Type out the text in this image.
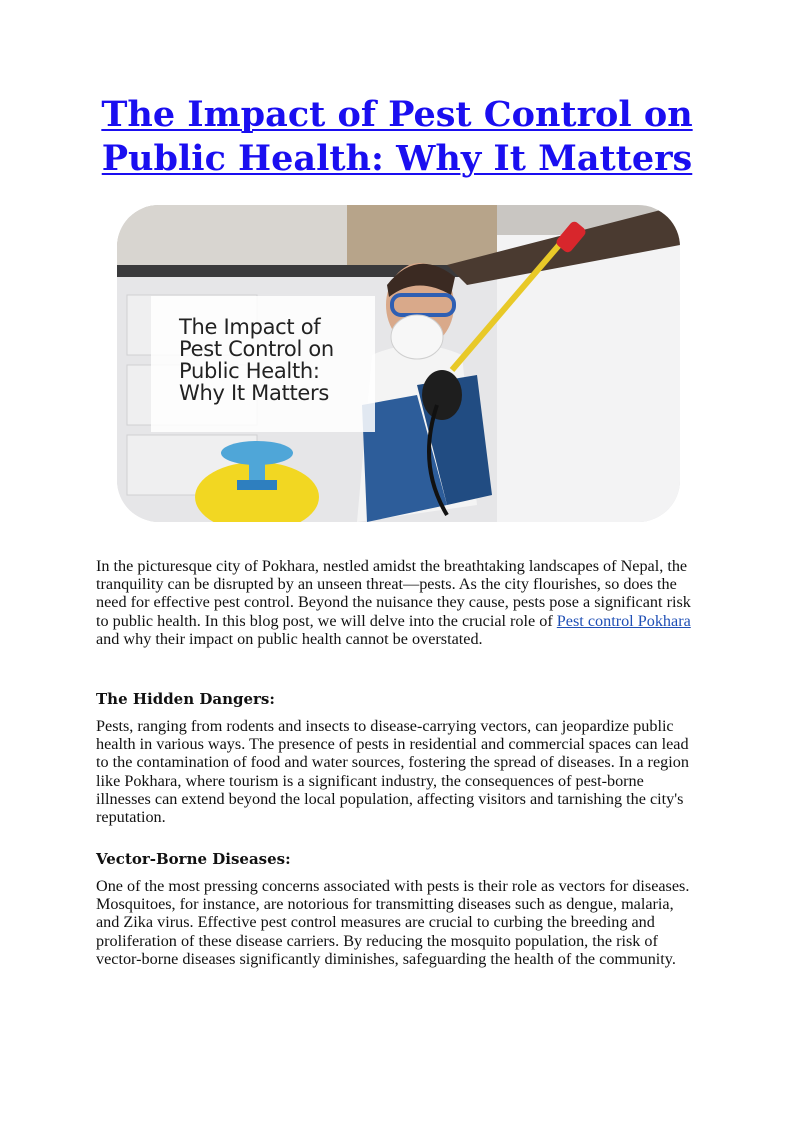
The Impact of Pest Control on Public Health: Why It Matters
The Impact of Pest Control on Public Health: Why It Matters

In the picturesque city of Pokhara, nestled amidst the breathtaking landscapes of Nepal, the tranquility can be disrupted by an unseen threat—pests. As the city flourishes, so does the need for effective pest control. Beyond the nuisance they cause, pests pose a significant risk to public health. In this blog post, we will delve into the crucial role of Pest control Pokhara and why their impact on public health cannot be overstated.

The Hidden Dangers:

Pests, ranging from rodents and insects to disease-carrying vectors, can jeopardize public health in various ways. The presence of pests in residential and commercial spaces can lead to the contamination of food and water sources, fostering the spread of diseases. In a region like Pokhara, where tourism is a significant industry, the consequences of pest-borne illnesses can extend beyond the local population, affecting visitors and tarnishing the city's reputation.

Vector-Borne Diseases:

One of the most pressing concerns associated with pests is their role as vectors for diseases. Mosquitoes, for instance, are notorious for transmitting diseases such as dengue, malaria, and Zika virus. Effective pest control measures are crucial to curbing the breeding and proliferation of these disease carriers. By reducing the mosquito population, the risk of vector-borne diseases significantly diminishes, safeguarding the health of the community.
